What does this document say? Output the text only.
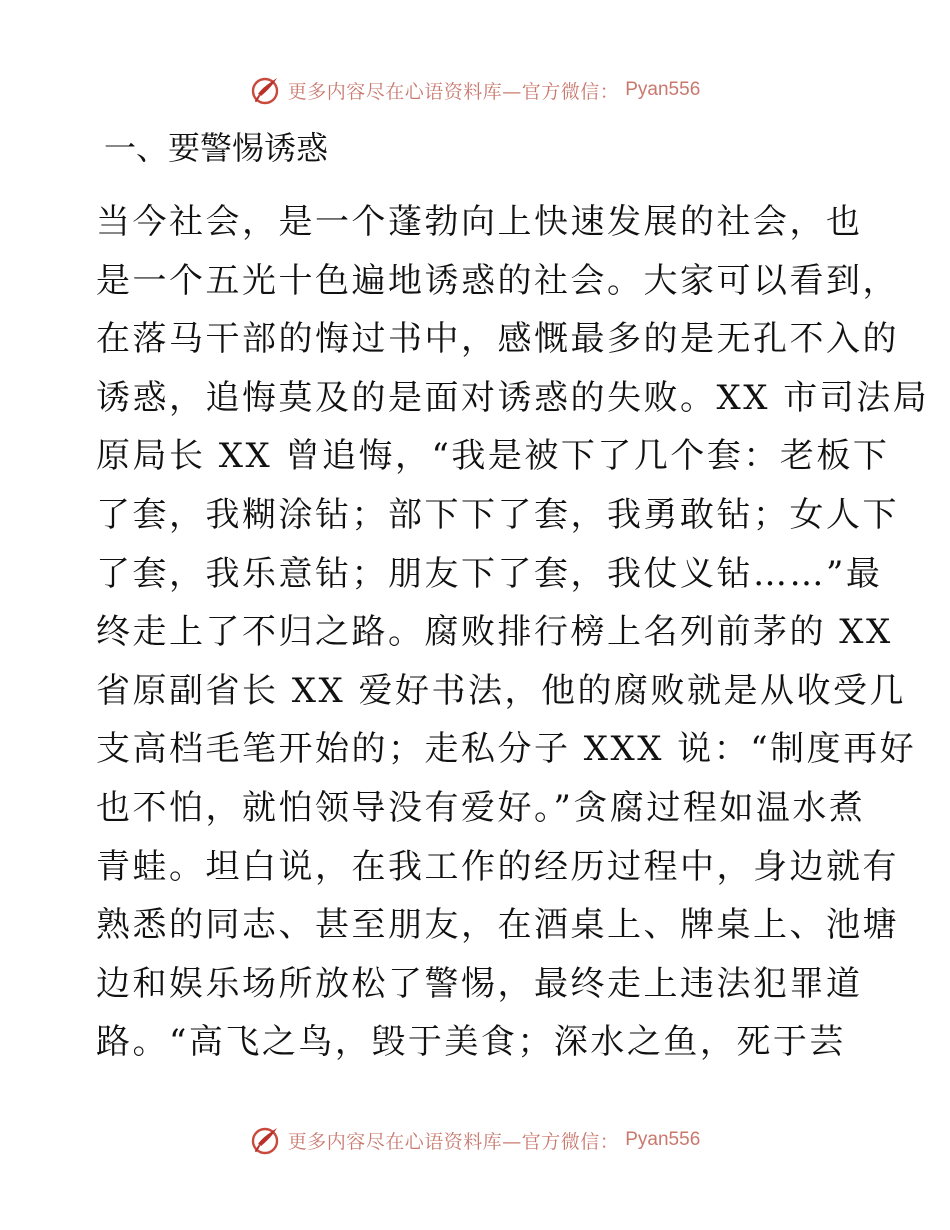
更多内容尽在心语资料库—官方微信： Pyan556
一、要警惕诱惑
当今社会，是一个蓬勃向上快速发展的社会，也
是一个五光十色遍地诱惑的社会。大家可以看到，
在落马干部的悔过书中，感慨最多的是无孔不入的
诱惑，追悔莫及的是面对诱惑的失败。XX 市司法局
原局长 XX 曾追悔，“我是被下了几个套：老板下
了套，我糊涂钻；部下下了套，我勇敢钻；女人下
了套，我乐意钻；朋友下了套，我仗义钻……”最
终走上了不归之路。腐败排行榜上名列前茅的 XX
省原副省长 XX 爱好书法，他的腐败就是从收受几
支高档毛笔开始的；走私分子 XXX 说：“制度再好
也不怕，就怕领导没有爱好。”贪腐过程如温水煮
青蛙。坦白说，在我工作的经历过程中，身边就有
熟悉的同志、甚至朋友，在酒桌上、牌桌上、池塘
边和娱乐场所放松了警惕，最终走上违法犯罪道
路。“高飞之鸟，毁于美食；深水之鱼，死于芸
更多内容尽在心语资料库—官方微信： Pyan556
